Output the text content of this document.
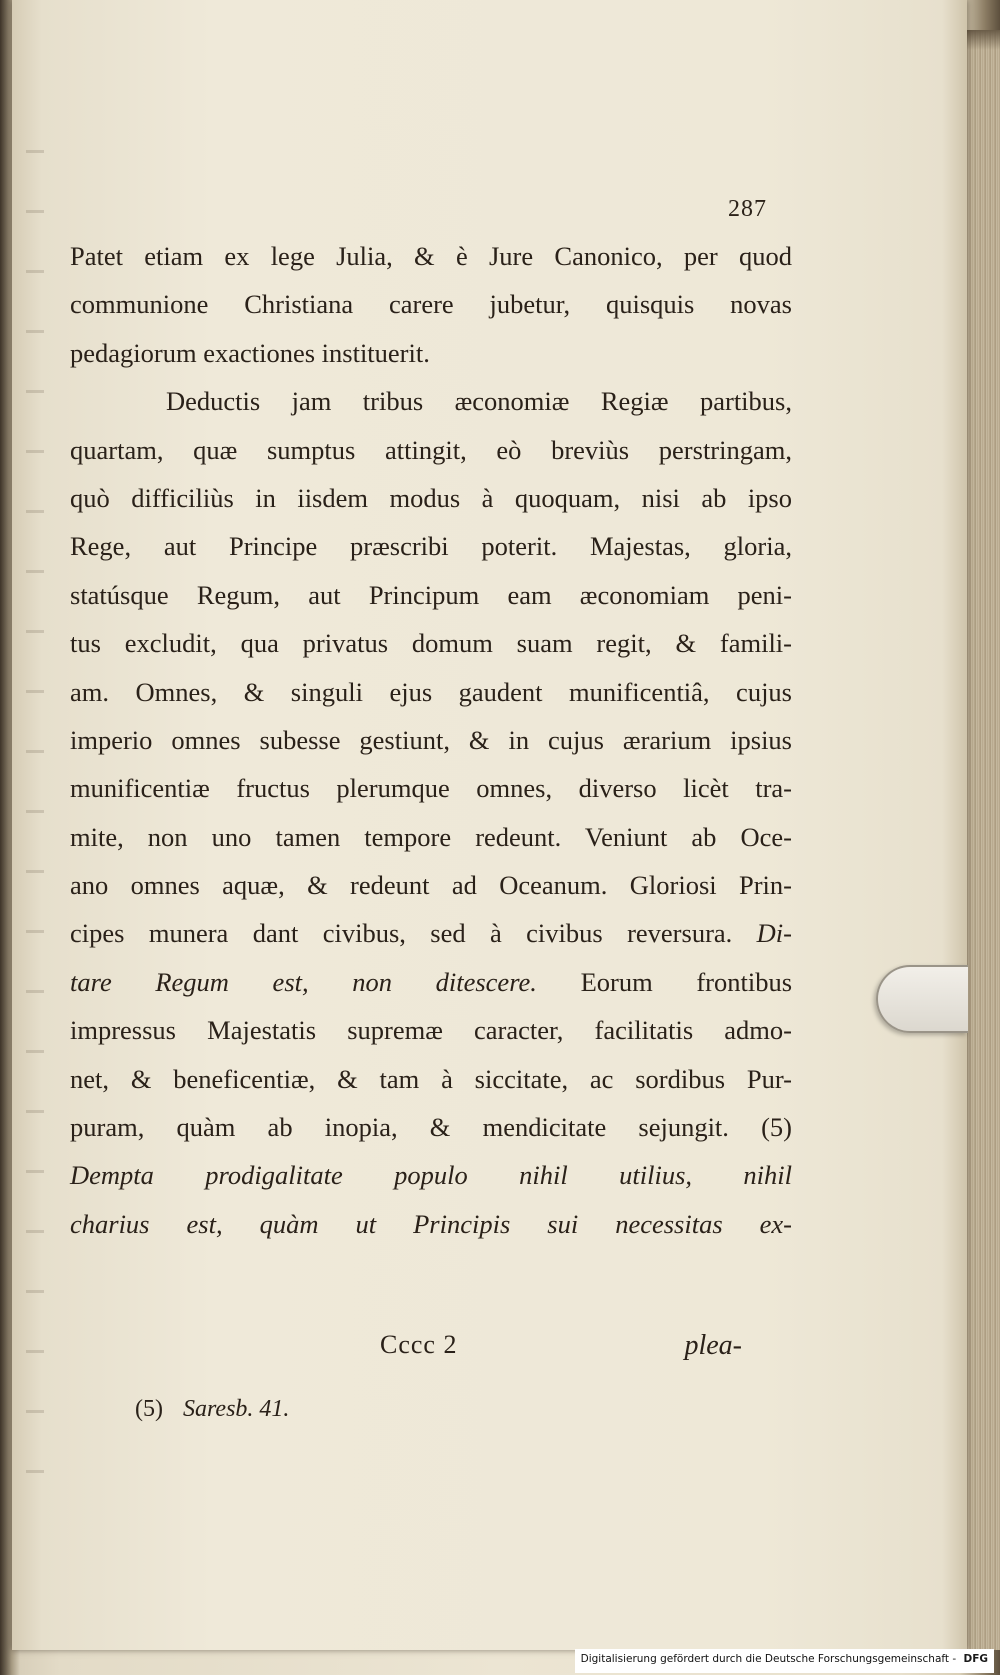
287
Patet etiam ex lege Julia, & è Jure Canonico, per quod
communione Christiana carere jubetur, quisquis novas
pedagiorum exactiones instituerit.
Deductis jam tribus æconomiæ Regiæ partibus,
quartam, quæ sumptus attingit, eò breviùs perstringam,
quò difficiliùs in iisdem modus à quoquam, nisi ab ipso
Rege, aut Principe præscribi poterit. Majestas, gloria,
statúsque Regum, aut Principum eam æconomiam peni-
tus excludit, qua privatus domum suam regit, & famili-
am. Omnes, & singuli ejus gaudent munificentiâ, cujus
imperio omnes subesse gestiunt, & in cujus ærarium ipsius
munificentiæ fructus plerumque omnes, diverso licèt tra-
mite, non uno tamen tempore redeunt. Veniunt ab Oce-
ano omnes aquæ, & redeunt ad Oceanum. Gloriosi Prin-
cipes munera dant civibus, sed à civibus reversura. Di-
tare Regum est, non ditescere. Eorum frontibus
impressus Majestatis supremæ caracter, facilitatis admo-
net, & beneficentiæ, & tam à siccitate, ac sordibus Pur-
puram, quàm ab inopia, & mendicitate sejungit. (5)
Dempta prodigalitate populo nihil utilius, nihil
charius est, quàm ut Principis sui necessitas ex-
Cccc 2	plea-
(5) Saresb. 41.
Digitalisierung gefördert durch die Deutsche Forschungsgemeinschaft - DFG
